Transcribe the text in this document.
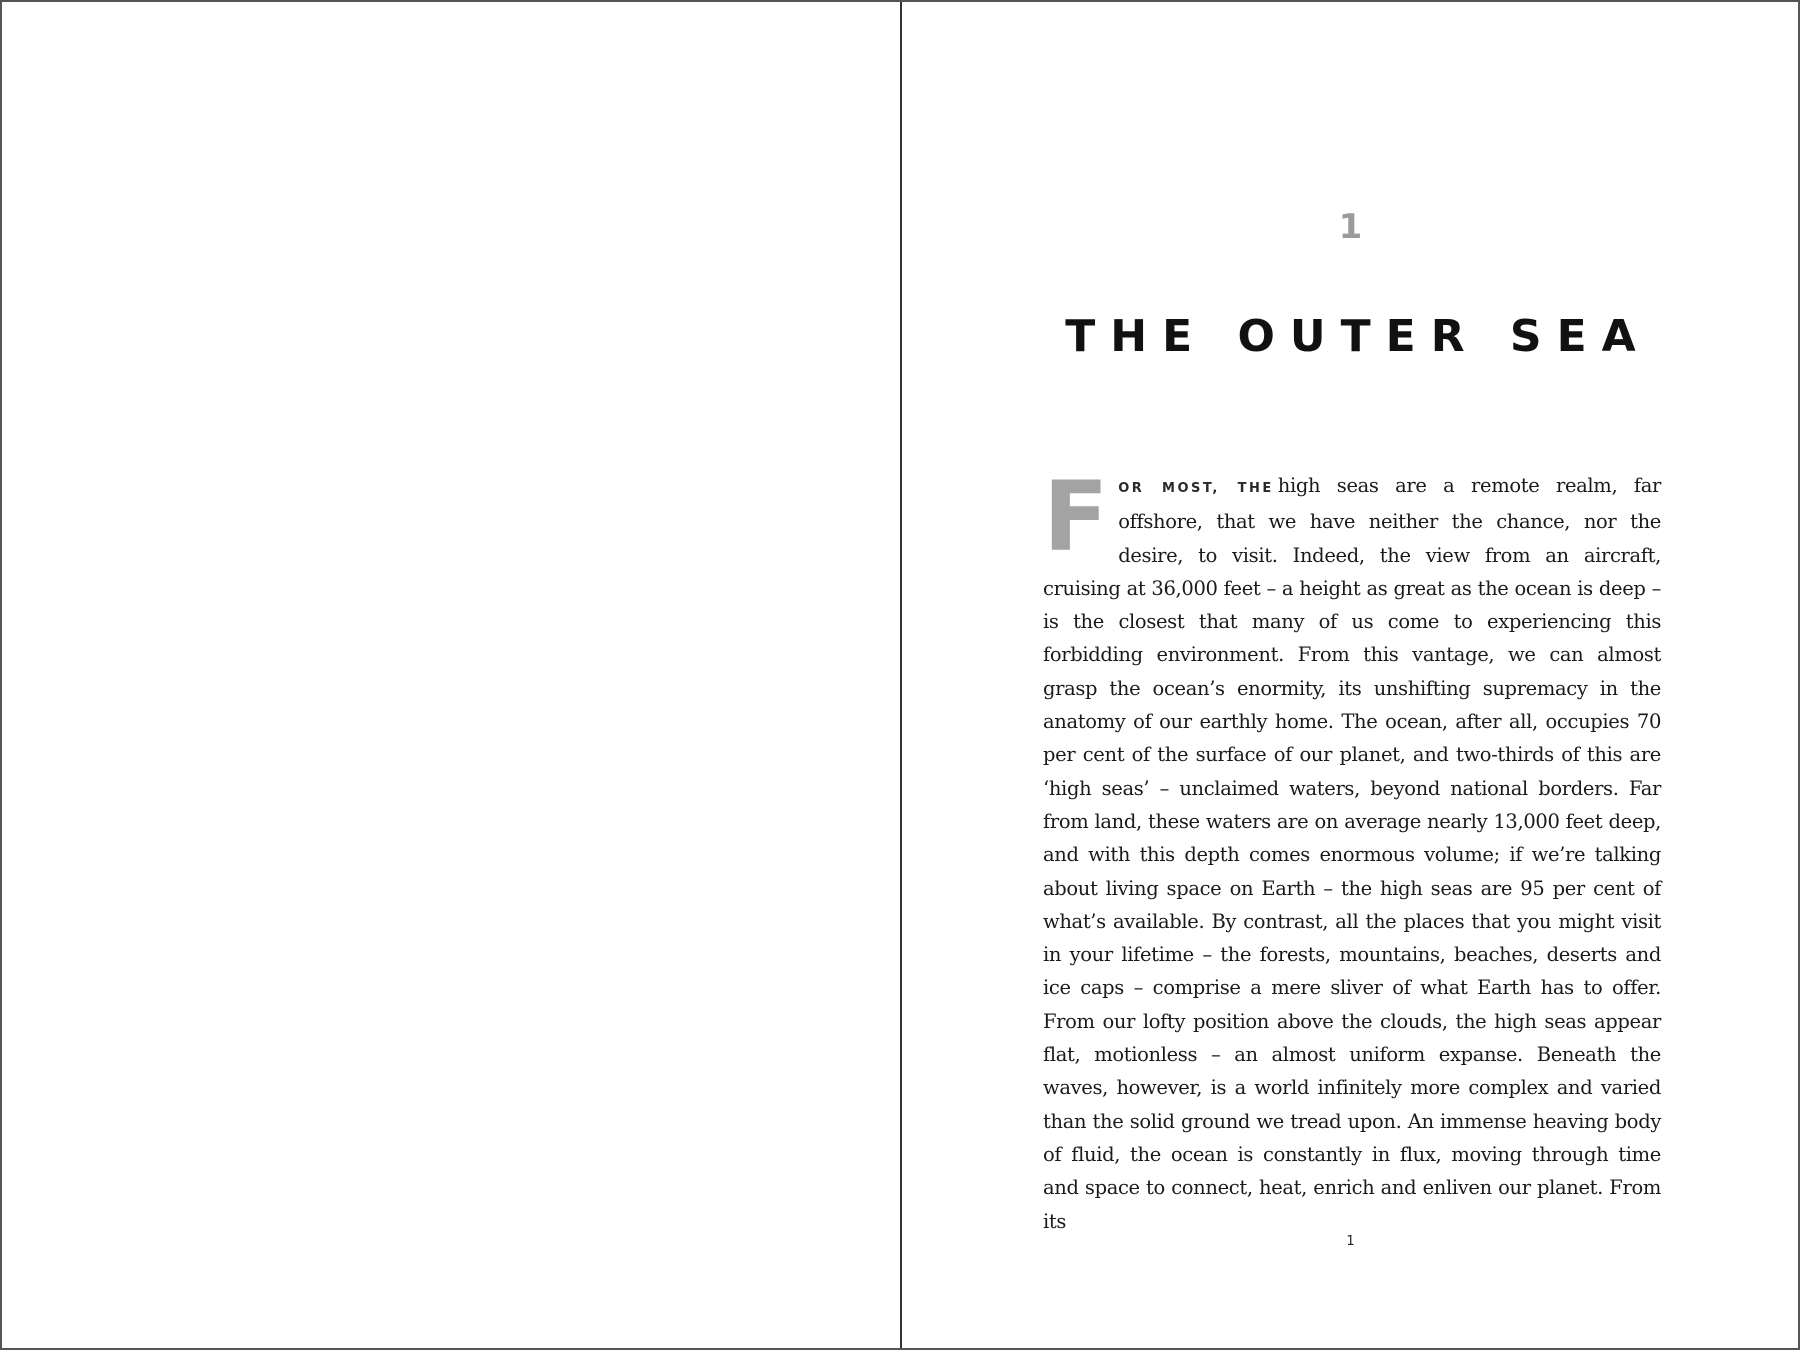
1
THE OUTER SEA

FOR MOST, THE high seas are a remote realm, far offshore, that we have neither the chance, nor the desire, to visit. Indeed, the view from an aircraft, cruising at 36,000 feet – a height as great as the ocean is deep – is the closest that many of us come to experiencing this forbidding environment. From this vantage, we can almost grasp the ocean’s enormity, its unshifting supremacy in the anatomy of our earthly home. The ocean, after all, occupies 70 per cent of the surface of our planet, and two-thirds of this are ‘high seas’ – unclaimed waters, beyond national borders. Far from land, these waters are on average nearly 13,000 feet deep, and with this depth comes enormous volume; if we’re talking about living space on Earth – the high seas are 95 per cent of what’s available. By contrast, all the places that you might visit in your lifetime – the forests, mountains, beaches, deserts and ice caps – comprise a mere sliver of what Earth has to offer. From our lofty position above the clouds, the high seas appear flat, motionless – an almost uniform expanse. Beneath the waves, however, is a world infinitely more complex and varied than the solid ground we tread upon. An immense heaving body of fluid, the ocean is constantly in flux, moving through time and space to connect, heat, enrich and enliven our planet. From its

1
